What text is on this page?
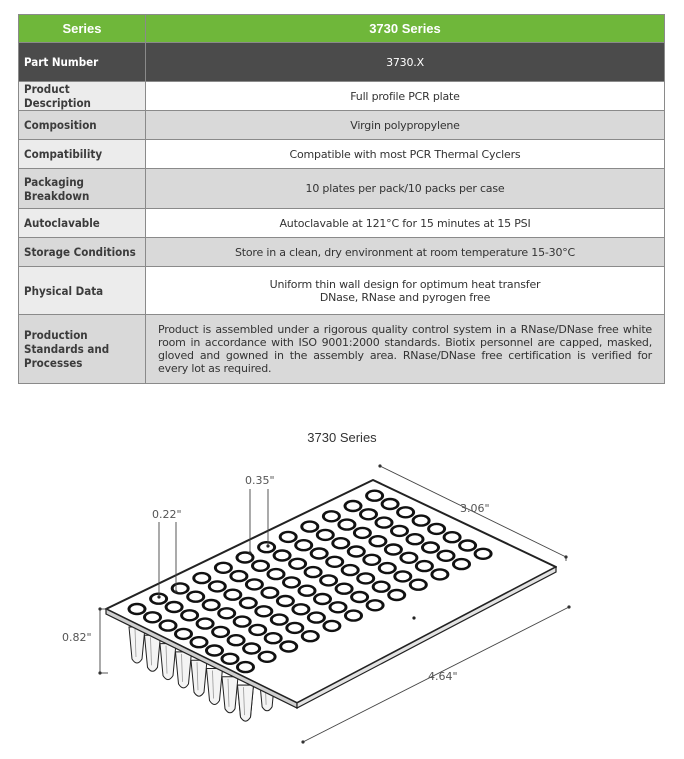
Series	3730 Series
Part Number	3730.X
Product Description	Full profile PCR plate
Composition	Virgin polypropylene
Compatibility	Compatible with most PCR Thermal Cyclers
Packaging Breakdown	10 plates per pack/10 packs per case
Autoclavable	Autoclavable at 121°C for 15 minutes at 15 PSI
Storage Conditions	Store in a clean, dry environment at room temperature 15-30°C
Physical Data	Uniform thin wall design for optimum heat transfer
DNase, RNase and pyrogen free

Production Standards and Processes	Product is assembled under a rigorous quality control system in a RNase/DNase free white room in accordance with ISO 9001:2000 standards. Biotix personnel are capped, masked, gloved and gowned in the assembly area. RNase/DNase free certification is verified for every lot as required.
3730 Series
0.22"
0.35"
3.06"
0.82"
4.64"
